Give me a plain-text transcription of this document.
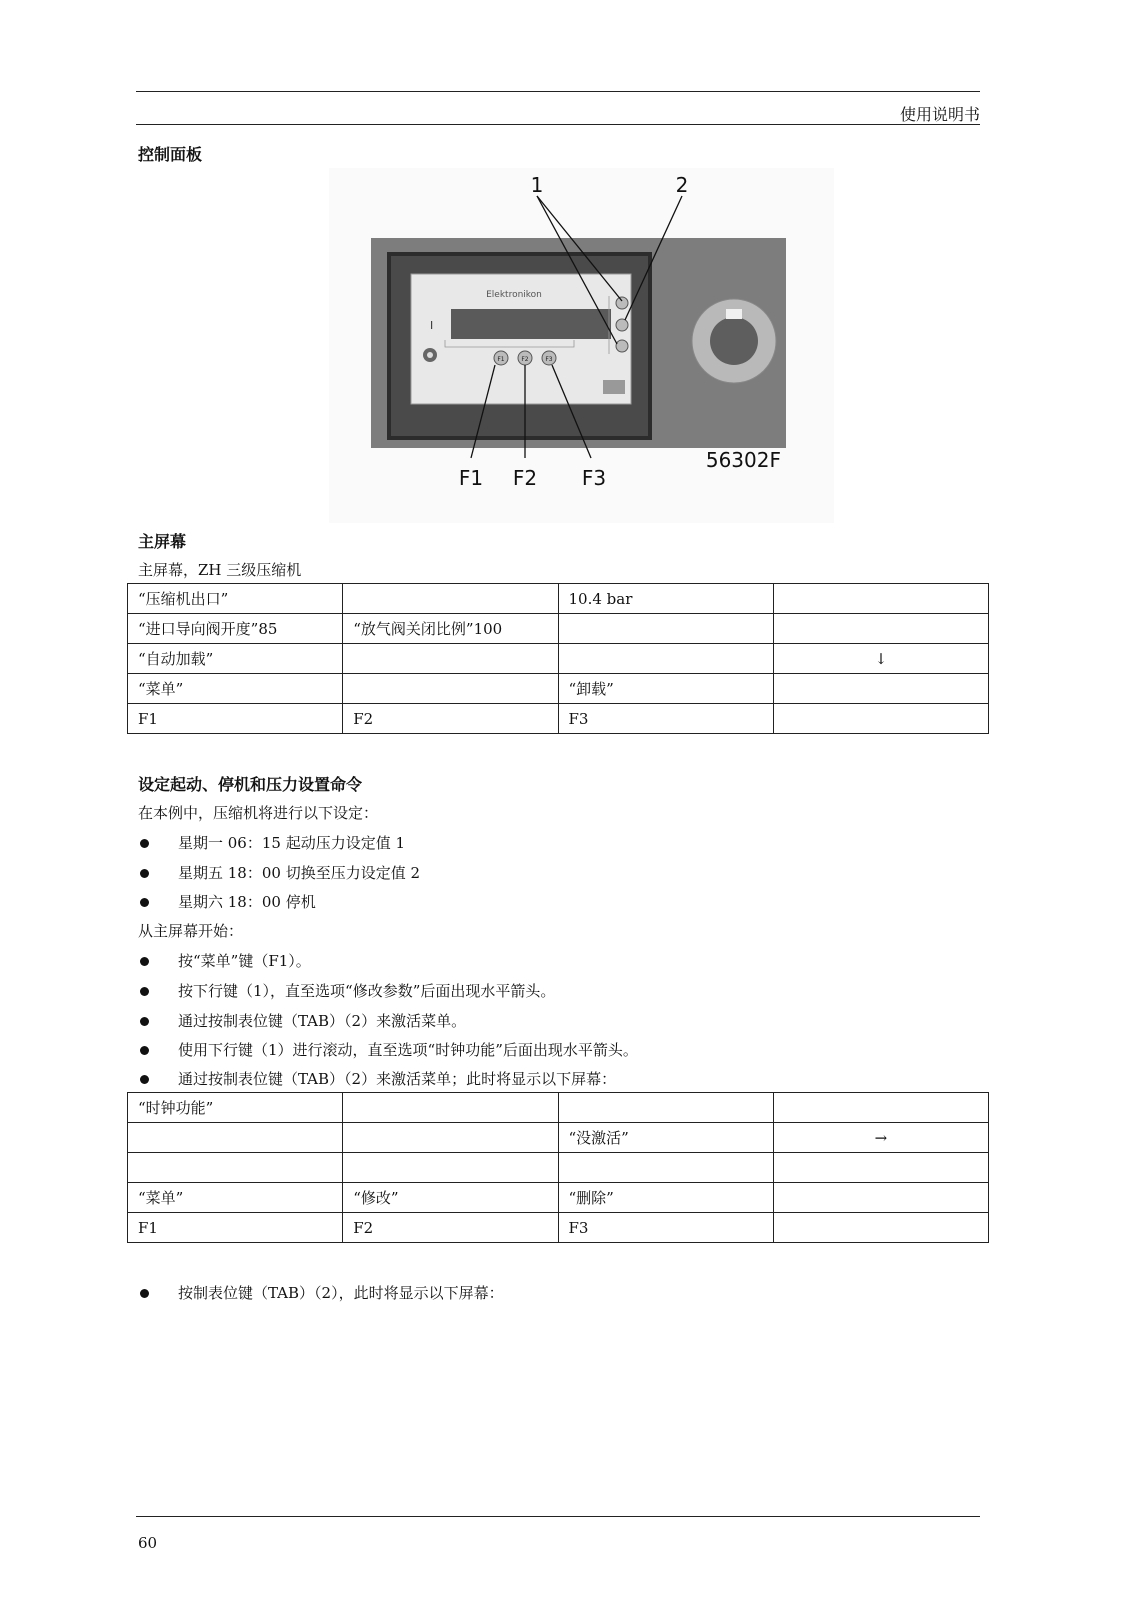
使用说明书
控制面板
Elektronikon
I
F1	F2	F3
1	2
F1 F2 F3
56302F
主屏幕
主屏幕，ZH 三级压缩机
“压缩机出口”		10.4 bar	
“进口导向阀开度”85	“放气阀关闭比例”100		
“自动加载”			↓
“菜单”		“卸载”	
F1	F2	F3	
设定起动、停机和压力设置命令
在本例中，压缩机将进行以下设定：
星期一 06：15 起动压力设定值 1
星期五 18：00 切换至压力设定值 2
星期六 18：00 停机
从主屏幕开始：
按“菜单”键（F1）。
按下行键（1），直至选项“修改参数”后面出现水平箭头。
通过按制表位键（TAB）（2）来激活菜单。
使用下行键（1）进行滚动，直至选项“时钟功能”后面出现水平箭头。
通过按制表位键（TAB）（2）来激活菜单；此时将显示以下屏幕：
“时钟功能”			
		“没激活”	→

“菜单”	“修改”	“删除”	
F1	F2	F3	
按制表位键（TAB）（2），此时将显示以下屏幕：
60
